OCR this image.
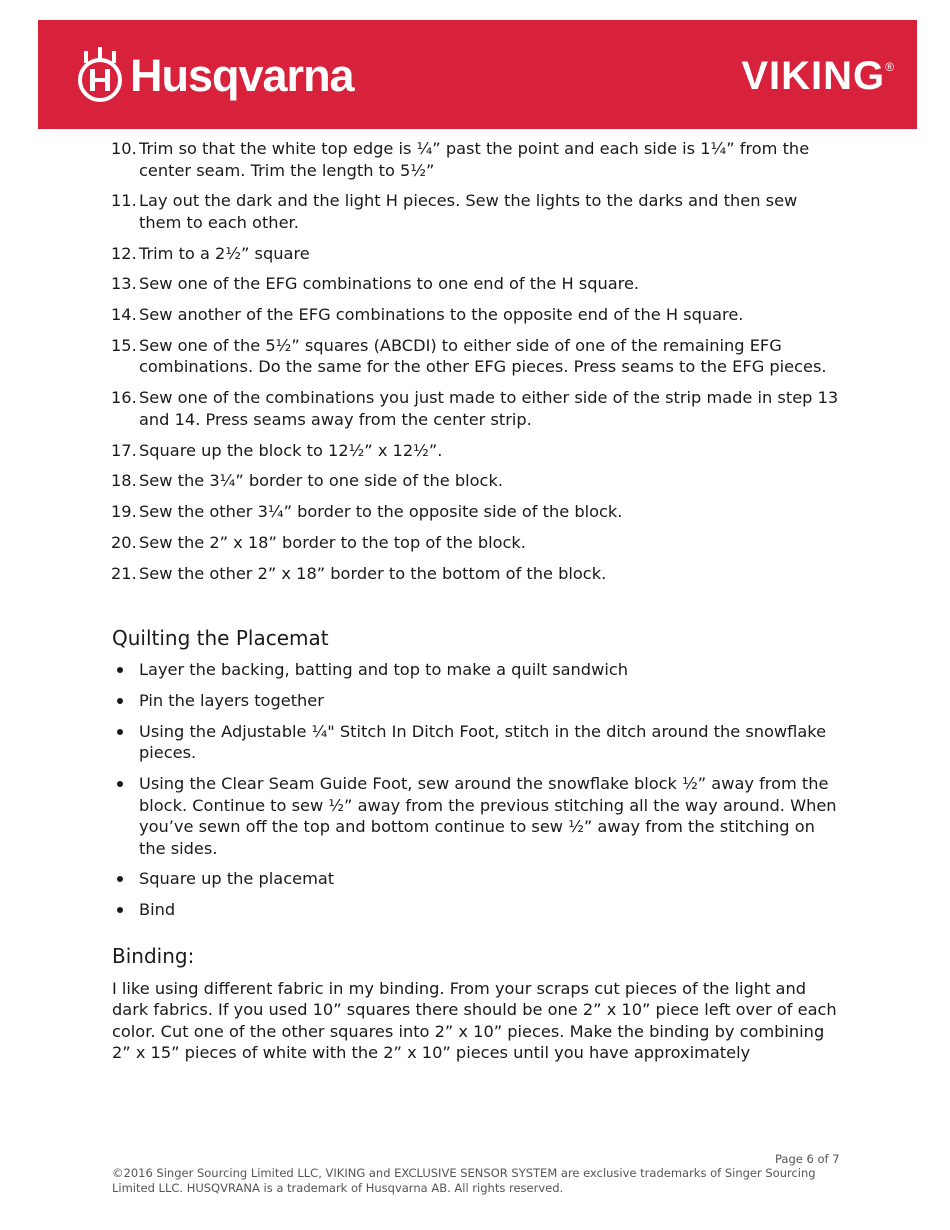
Husqvarna	VIKING®
10. Trim so that the white top edge is ¼” past the point and each side is 1¼” from the center seam. Trim the length to 5½”
11. Lay out the dark and the light H pieces. Sew the lights to the darks and then sew them to each other.
12. Trim to a 2½” square
13. Sew one of the EFG combinations to one end of the H square.
14. Sew another of the EFG combinations to the opposite end of the H square.
15. Sew one of the 5½” squares (ABCDI) to either side of one of the remaining EFG combinations. Do the same for the other EFG pieces. Press seams to the EFG pieces.
16. Sew one of the combinations you just made to either side of the strip made in step 13 and 14. Press seams away from the center strip.
17. Square up the block to 12½” x 12½”.
18. Sew the 3¼” border to one side of the block.
19. Sew the other 3¼” border to the opposite side of the block.
20. Sew the 2” x 18” border to the top of the block.
21. Sew the other 2” x 18” border to the bottom of the block.
Quilting the Placemat
Layer the backing, batting and top to make a quilt sandwich
Pin the layers together
Using the Adjustable ¼" Stitch In Ditch Foot, stitch in the ditch around the snowflake pieces.
Using the Clear Seam Guide Foot, sew around the snowflake block ½” away from the block. Continue to sew ½” away from the previous stitching all the way around. When you’ve sewn off the top and bottom continue to sew ½” away from the stitching on the sides.
Square up the placemat
Bind
Binding:

I like using different fabric in my binding. From your scraps cut pieces of the light and dark fabrics. If you used 10” squares there should be one 2” x 10” piece left over of each color. Cut one of the other squares into 2” x 10” pieces. Make the binding by combining 2” x 15” pieces of white with the 2” x 10” pieces until you have approximately

Page 6 of 7
©2016 Singer Sourcing Limited LLC, VIKING and EXCLUSIVE SENSOR SYSTEM are exclusive trademarks of Singer Sourcing Limited LLC. HUSQVRANA is a trademark of Husqvarna AB. All rights reserved.
